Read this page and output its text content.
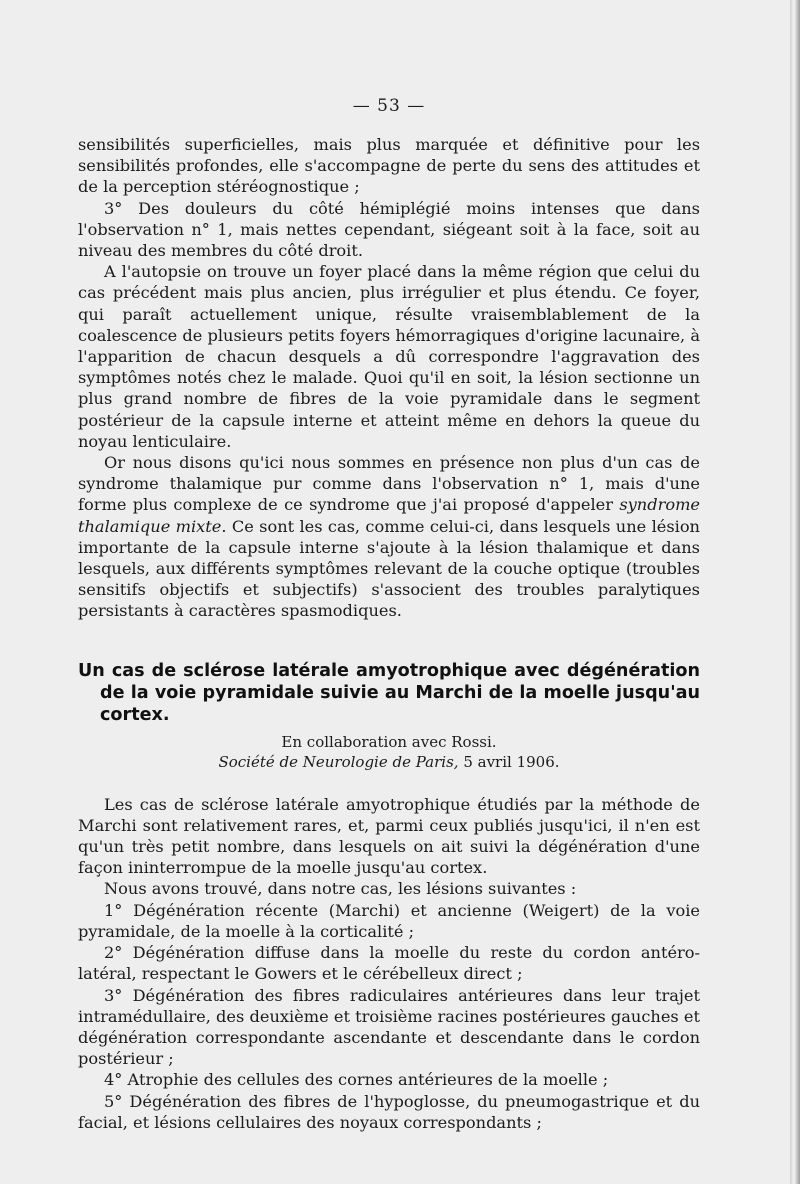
— 53 —

sensibilités superficielles, mais plus marquée et définitive pour les sensibilités profondes, elle s'accompagne de perte du sens des attitudes et de la perception stéréognostique ;

3° Des douleurs du côté hémiplégié moins intenses que dans l'observation n° 1, mais nettes cependant, siégeant soit à la face, soit au niveau des membres du côté droit.

A l'autopsie on trouve un foyer placé dans la même région que celui du cas précédent mais plus ancien, plus irrégulier et plus étendu. Ce foyer, qui paraît actuellement unique, résulte vraisemblablement de la coalescence de plusieurs petits foyers hémorragiques d'origine lacunaire, à l'apparition de chacun desquels a dû correspondre l'aggravation des symptômes notés chez le malade. Quoi qu'il en soit, la lésion sectionne un plus grand nombre de fibres de la voie pyramidale dans le segment postérieur de la capsule interne et atteint même en dehors la queue du noyau lenticulaire.

Or nous disons qu'ici nous sommes en présence non plus d'un cas de syndrome thalamique pur comme dans l'observation n° 1, mais d'une forme plus complexe de ce syndrome que j'ai proposé d'appeler syndrome thalamique mixte. Ce sont les cas, comme celui-ci, dans lesquels une lésion importante de la capsule interne s'ajoute à la lésion thalamique et dans lesquels, aux différents symptômes relevant de la couche optique (troubles sensitifs objectifs et subjectifs) s'associent des troubles paralytiques persistants à caractères spasmodiques.

Un cas de sclérose latérale amyotrophique avec dégénération de la voie pyramidale suivie au Marchi de la moelle jusqu'au cortex.

En collaboration avec Rossi.

Société de Neurologie de Paris, 5 avril 1906.

Les cas de sclérose latérale amyotrophique étudiés par la méthode de Marchi sont relativement rares, et, parmi ceux publiés jusqu'ici, il n'en est qu'un très petit nombre, dans lesquels on ait suivi la dégénération d'une façon ininterrompue de la moelle jusqu'au cortex.

Nous avons trouvé, dans notre cas, les lésions suivantes :

1° Dégénération récente (Marchi) et ancienne (Weigert) de la voie pyramidale, de la moelle à la corticalité ;

2° Dégénération diffuse dans la moelle du reste du cordon antéro-latéral, respectant le Gowers et le cérébelleux direct ;

3° Dégénération des fibres radiculaires antérieures dans leur trajet intramédullaire, des deuxième et troisième racines postérieures gauches et dégénération correspondante ascendante et descendante dans le cordon postérieur ;

4° Atrophie des cellules des cornes antérieures de la moelle ;

5° Dégénération des fibres de l'hypoglosse, du pneumogastrique et du facial, et lésions cellulaires des noyaux correspondants ;
